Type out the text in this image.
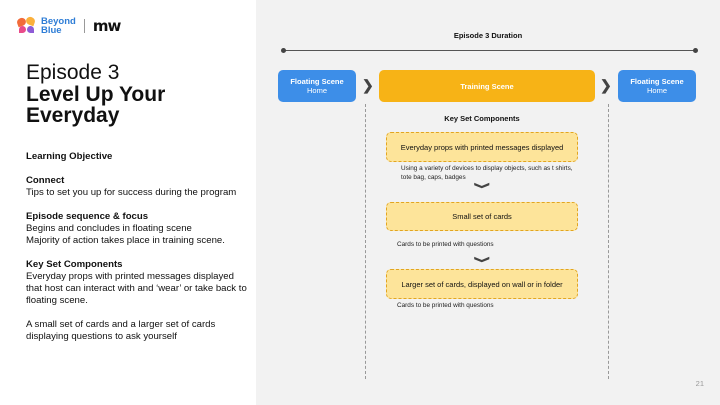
Beyond
Blue	mw
Episode 3
Level Up Your Everyday
Learning Objective
Connect
Tips to set you up for success during the program
Episode sequence & focus
Begins and concludes in floating scene
Majority of action takes place in training scene.
Key Set Components
Everyday props with printed messages displayed that host can interact with and ‘wear’ or take back to floating scene.
A small set of cards and a larger set of cards displaying questions to ask yourself
Episode 3 Duration
Floating Scene
Home	❯	Training Scene	❯	Floating Scene
Home
Key Set Components
Everyday props with printed messages displayed
Using a variety of devices to display objects, such as t shirts, tote bag, caps, badges
❯
Small set of cards
Cards to be printed with questions
❯
Larger set of cards, displayed on wall or in folder
Cards to be printed with questions
21
